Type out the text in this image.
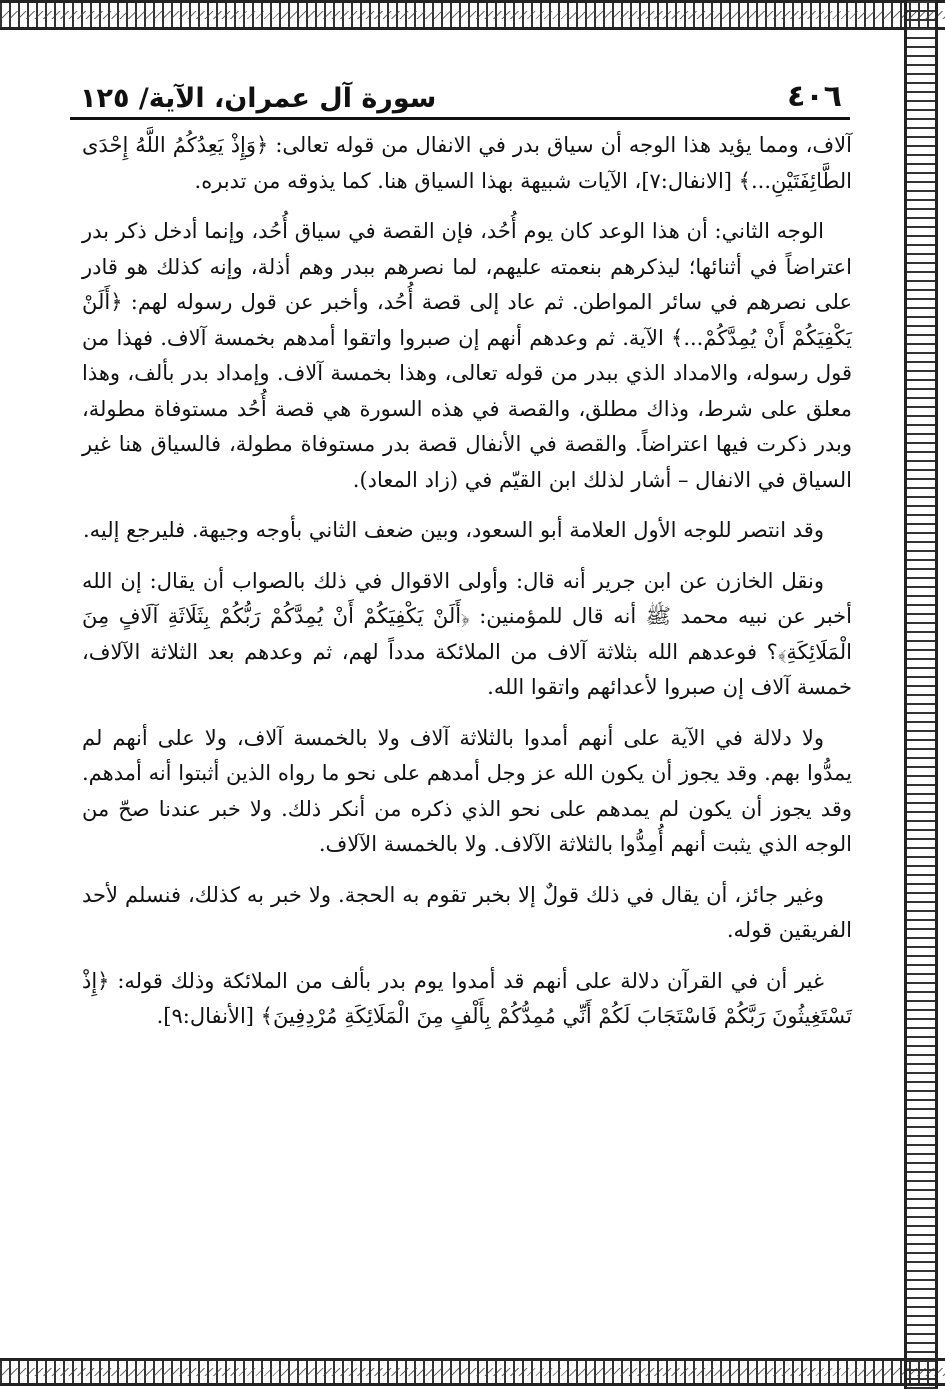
٤٠٦
سورة آل عمران، الآية/ ١٢٥

آلاف، ومما يؤيد هذا الوجه أن سياق بدر في الانفال من قوله تعالى: ﴿وَإِذْ يَعِدُكُمُ اللَّهُ إِحْدَى الطَّائِفَتَيْنِ...﴾ [الانفال:٧]، الآيات شبيهة بهذا السياق هنا. كما يذوقه من تدبره.

الوجه الثاني: أن هذا الوعد كان يوم أُحُد، فإن القصة في سياق أُحُد، وإنما أدخل ذكر بدر اعتراضاً في أثنائها؛ ليذكرهم بنعمته عليهم، لما نصرهم ببدر وهم أذلة، وإنه كذلك هو قادر على نصرهم في سائر المواطن. ثم عاد إلى قصة أُحُد، وأخبر عن قول رسوله لهم: ﴿أَلَنْ يَكْفِيَكُمْ أَنْ يُمِدَّكُمْ...﴾ الآية. ثم وعدهم أنهم إن صبروا واتقوا أمدهم بخمسة آلاف. فهذا من قول رسوله، والامداد الذي ببدر من قوله تعالى، وهذا بخمسة آلاف. وإمداد بدر بألف، وهذا معلق على شرط، وذاك مطلق، والقصة في هذه السورة هي قصة أُحُد مستوفاة مطولة، وبدر ذكرت فيها اعتراضاً. والقصة في الأنفال قصة بدر مستوفاة مطولة، فالسياق هنا غير السياق في الانفال – أشار لذلك ابن القيّم في (زاد المعاد).

وقد انتصر للوجه الأول العلامة أبو السعود، وبين ضعف الثاني بأوجه وجيهة. فليرجع إليه.

ونقل الخازن عن ابن جرير أنه قال: وأولى الاقوال في ذلك بالصواب أن يقال: إن الله أخبر عن نبيه محمد ﷺ أنه قال للمؤمنين: ﴿أَلَنْ يَكْفِيَكُمْ أَنْ يُمِدَّكُمْ رَبُّكُمْ بِثَلَاثَةِ آلَافٍ مِنَ الْمَلَائِكَةِ﴾؟ فوعدهم الله بثلاثة آلاف من الملائكة مدداً لهم، ثم وعدهم بعد الثلاثة الآلاف، خمسة آلاف إن صبروا لأعدائهم واتقوا الله.

ولا دلالة في الآية على أنهم أمدوا بالثلاثة آلاف ولا بالخمسة آلاف، ولا على أنهم لم يمدُّوا بهم. وقد يجوز أن يكون الله عز وجل أمدهم على نحو ما رواه الذين أثبتوا أنه أمدهم. وقد يجوز أن يكون لم يمدهم على نحو الذي ذكره من أنكر ذلك. ولا خبر عندنا صحّ من الوجه الذي يثبت أنهم أُمِدُّوا بالثلاثة الآلاف. ولا بالخمسة الآلاف.

وغير جائز، أن يقال في ذلك قولٌ إلا بخبر تقوم به الحجة. ولا خبر به كذلك، فنسلم لأحد الفريقين قوله.

غير أن في القرآن دلالة على أنهم قد أمدوا يوم بدر بألف من الملائكة وذلك قوله: ﴿إِذْ تَسْتَغِيثُونَ رَبَّكُمْ فَاسْتَجَابَ لَكُمْ أَنِّي مُمِدُّكُمْ بِأَلْفٍ مِنَ الْمَلَائِكَةِ مُرْدِفِينَ﴾ [الأنفال:٩].
